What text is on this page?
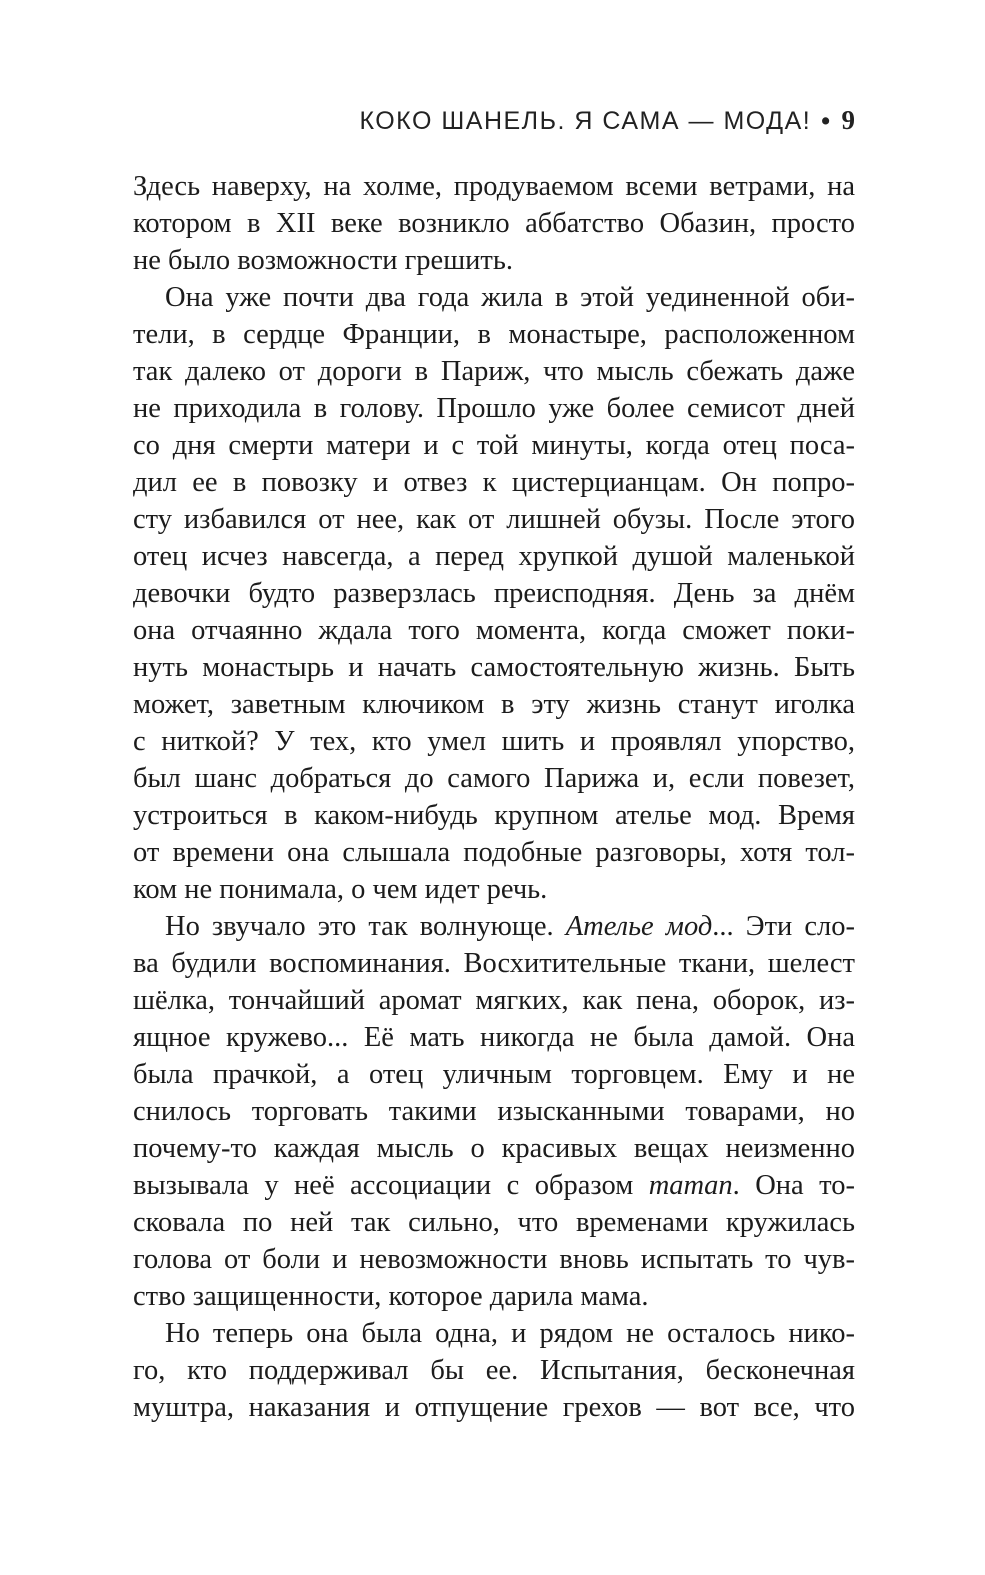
КОКО ШАНЕЛЬ. Я САМА — МОДА! • 9
Здесь наверху, на холме, продуваемом всеми ветрами, на
котором в XII веке возникло аббатство Обазин, просто
не было возможности грешить.
Она уже почти два года жила в этой уединенной оби-
тели, в сердце Франции, в монастыре, расположенном
так далеко от дороги в Париж, что мысль сбежать даже
не приходила в голову. Прошло уже более семисот дней
со дня смерти матери и с той минуты, когда отец поса-
дил ее в повозку и отвез к цистерцианцам. Он попро-
сту избавился от нее, как от лишней обузы. После этого
отец исчез навсегда, а перед хрупкой душой маленькой
девочки будто разверзлась преисподняя. День за днём
она отчаянно ждала того момента, когда сможет поки-
нуть монастырь и начать самостоятельную жизнь. Быть
может, заветным ключиком в эту жизнь станут иголка
с ниткой? У тех, кто умел шить и проявлял упорство,
был шанс добраться до самого Парижа и, если повезет,
устроиться в каком-нибудь крупном ателье мод. Время
от времени она слышала подобные разговоры, хотя тол-
ком не понимала, о чем идет речь.
Но звучало это так волнующе. Ателье мод... Эти сло-
ва будили воспоминания. Восхитительные ткани, шелест
шёлка, тончайший аромат мягких, как пена, оборок, из-
ящное кружево... Её мать никогда не была дамой. Она
была прачкой, а отец уличным торговцем. Ему и не
снилось торговать такими изысканными товарами, но
почему-то каждая мысль о красивых вещах неизменно
вызывала у неё ассоциации с образом maman. Она то-
сковала по ней так сильно, что временами кружилась
голова от боли и невозможности вновь испытать то чув-
ство защищенности, которое дарила мама.
Но теперь она была одна, и рядом не осталось нико-
го, кто поддерживал бы ее. Испытания, бесконечная
муштра, наказания и отпущение грехов — вот все, что
